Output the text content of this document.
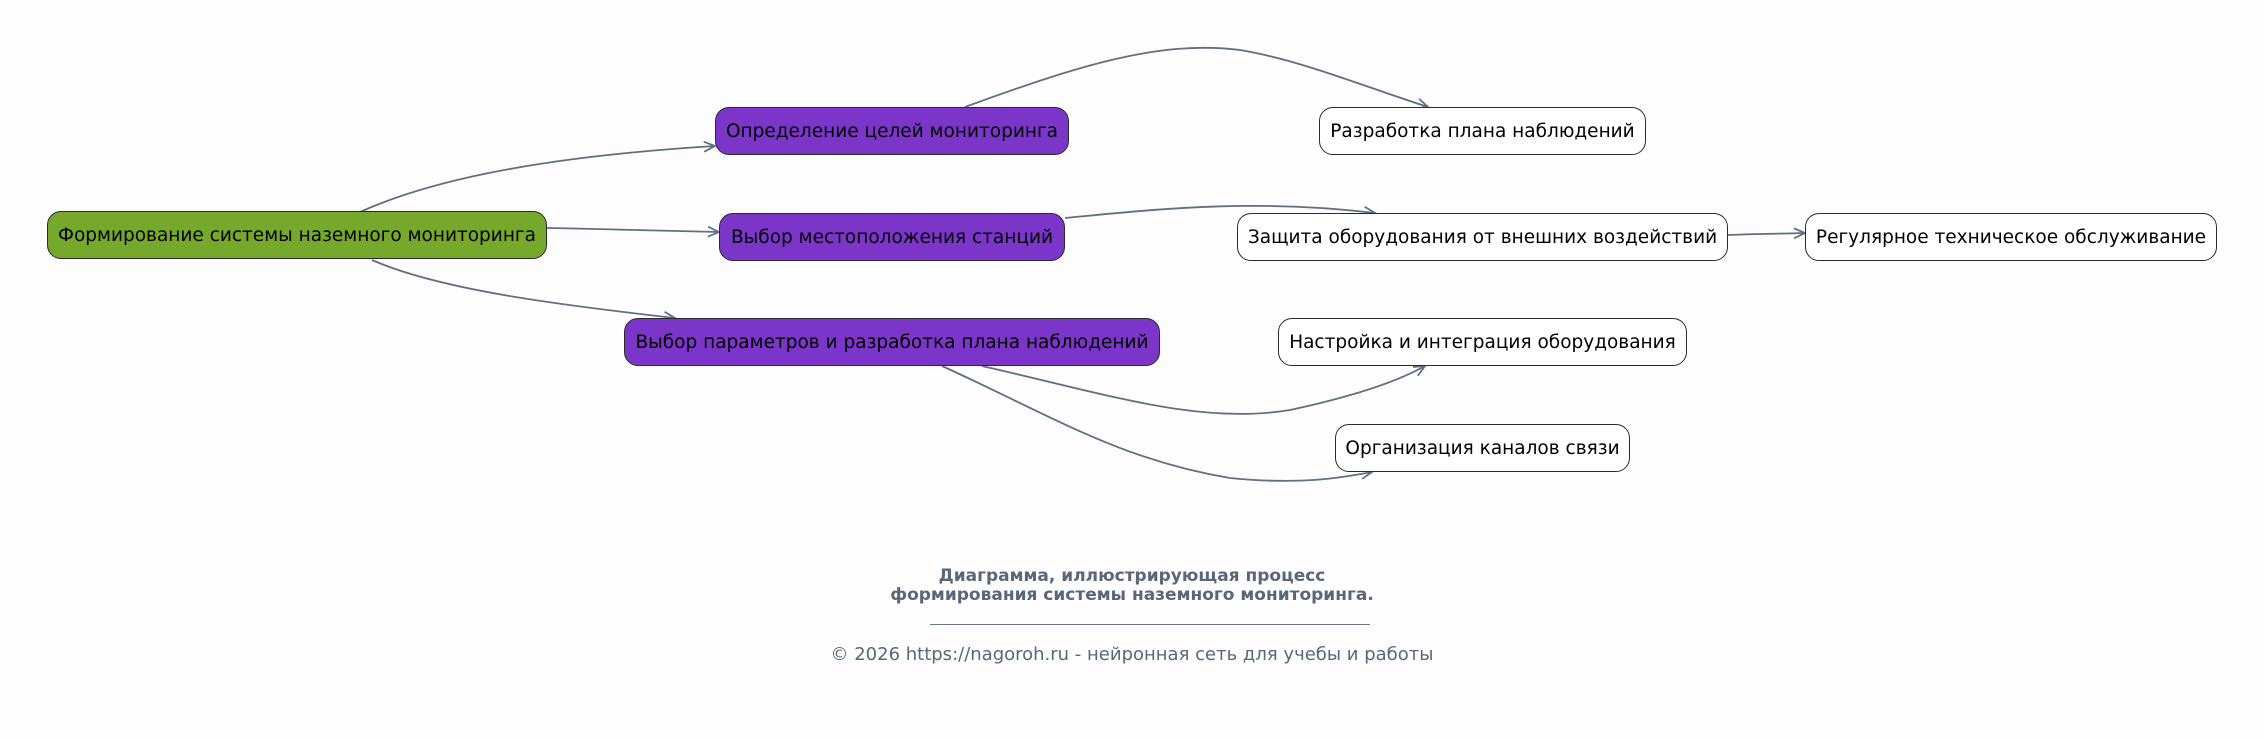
Формирование системы наземного мониторинга
Определение целей мониторинга
Выбор местоположения станций
Выбор параметров и разработка плана наблюдений
Разработка плана наблюдений
Защита оборудования от внешних воздействий	Регулярное техническое обслуживание
Настройка и интеграция оборудования
Организация каналов связи
Диаграмма, иллюстрирующая процесс
формирования системы наземного мониторинга.
© 2026 https://nagoroh.ru - нейронная сеть для учебы и работы
